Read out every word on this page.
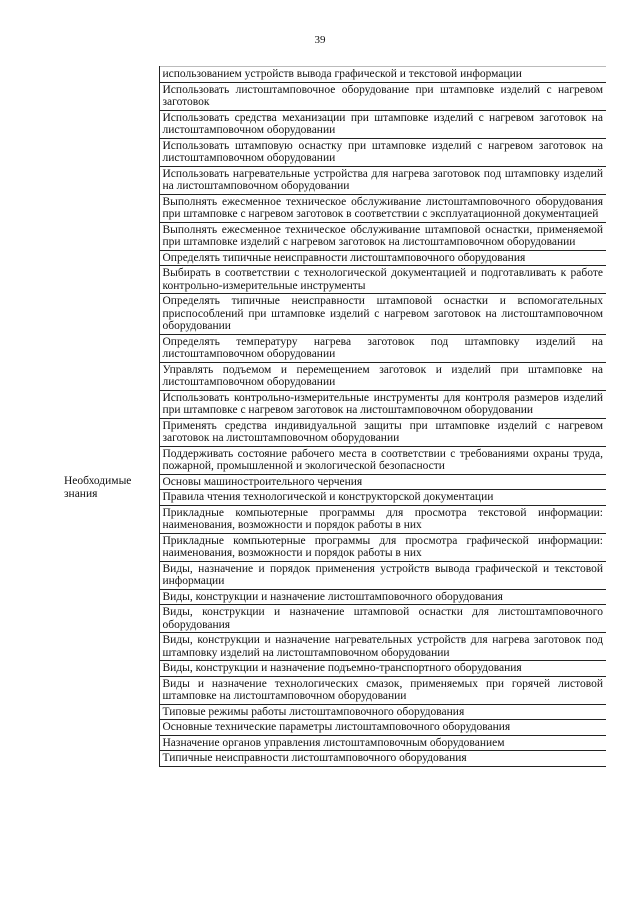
39
	использованием устройств вывода графической и текстовой информации
	Использовать листоштамповочное оборудование при штамповке изделий с нагревом заготовок
	Использовать средства механизации при штамповке изделий с нагревом заготовок на листоштамповочном оборудовании
	Использовать штамповую оснастку при штамповке изделий с нагревом заготовок на листоштамповочном оборудовании
	Использовать нагревательные устройства для нагрева заготовок под штамповку изделий на листоштамповочном оборудовании
	Выполнять ежесменное техническое обслуживание листоштамповочного оборудования при штамповке с нагревом заготовок в соответствии с эксплуатационной документацией
	Выполнять ежесменное техническое обслуживание штамповой оснастки, применяемой при штамповке изделий с нагревом заготовок на листоштамповочном оборудовании
	Определять типичные неисправности листоштамповочного оборудования
	Выбирать в соответствии с технологической документацией и подготавливать к работе контрольно-измерительные инструменты
	Определять типичные неисправности штамповой оснастки и вспомогательных приспособлений при штамповке изделий с нагревом заготовок на листоштамповочном оборудовании
	Определять температуру нагрева заготовок под штамповку изделий на листоштамповочном оборудовании
	Управлять подъемом и перемещением заготовок и изделий при штамповке на листоштамповочном оборудовании
	Использовать контрольно-измерительные инструменты для контроля размеров изделий при штамповке с нагревом заготовок на листоштамповочном оборудовании
	Применять средства индивидуальной защиты при штамповке изделий с нагревом заготовок на листоштамповочном оборудовании
	Поддерживать состояние рабочего места в соответствии с требованиями охраны труда, пожарной, промышленной и экологической безопасности

Необходимые знания	Основы машиностроительного черчения
	Правила чтения технологической и конструкторской документации
	Прикладные компьютерные программы для просмотра текстовой информации: наименования, возможности и порядок работы в них
	Прикладные компьютерные программы для просмотра графической информации: наименования, возможности и порядок работы в них
	Виды, назначение и порядок применения устройств вывода графической и текстовой информации
	Виды, конструкции и назначение листоштамповочного оборудования
	Виды, конструкции и назначение штамповой оснастки для листоштамповочного оборудования
	Виды, конструкции и назначение нагревательных устройств для нагрева заготовок под штамповку изделий на листоштамповочном оборудовании
	Виды, конструкции и назначение подъемно-транспортного оборудования
	Виды и назначение технологических смазок, применяемых при горячей листовой штамповке на листоштамповочном оборудовании
	Типовые режимы работы листоштамповочного оборудования
	Основные технические параметры листоштамповочного оборудования
	Назначение органов управления листоштамповочным оборудованием
	Типичные неисправности листоштамповочного оборудования
